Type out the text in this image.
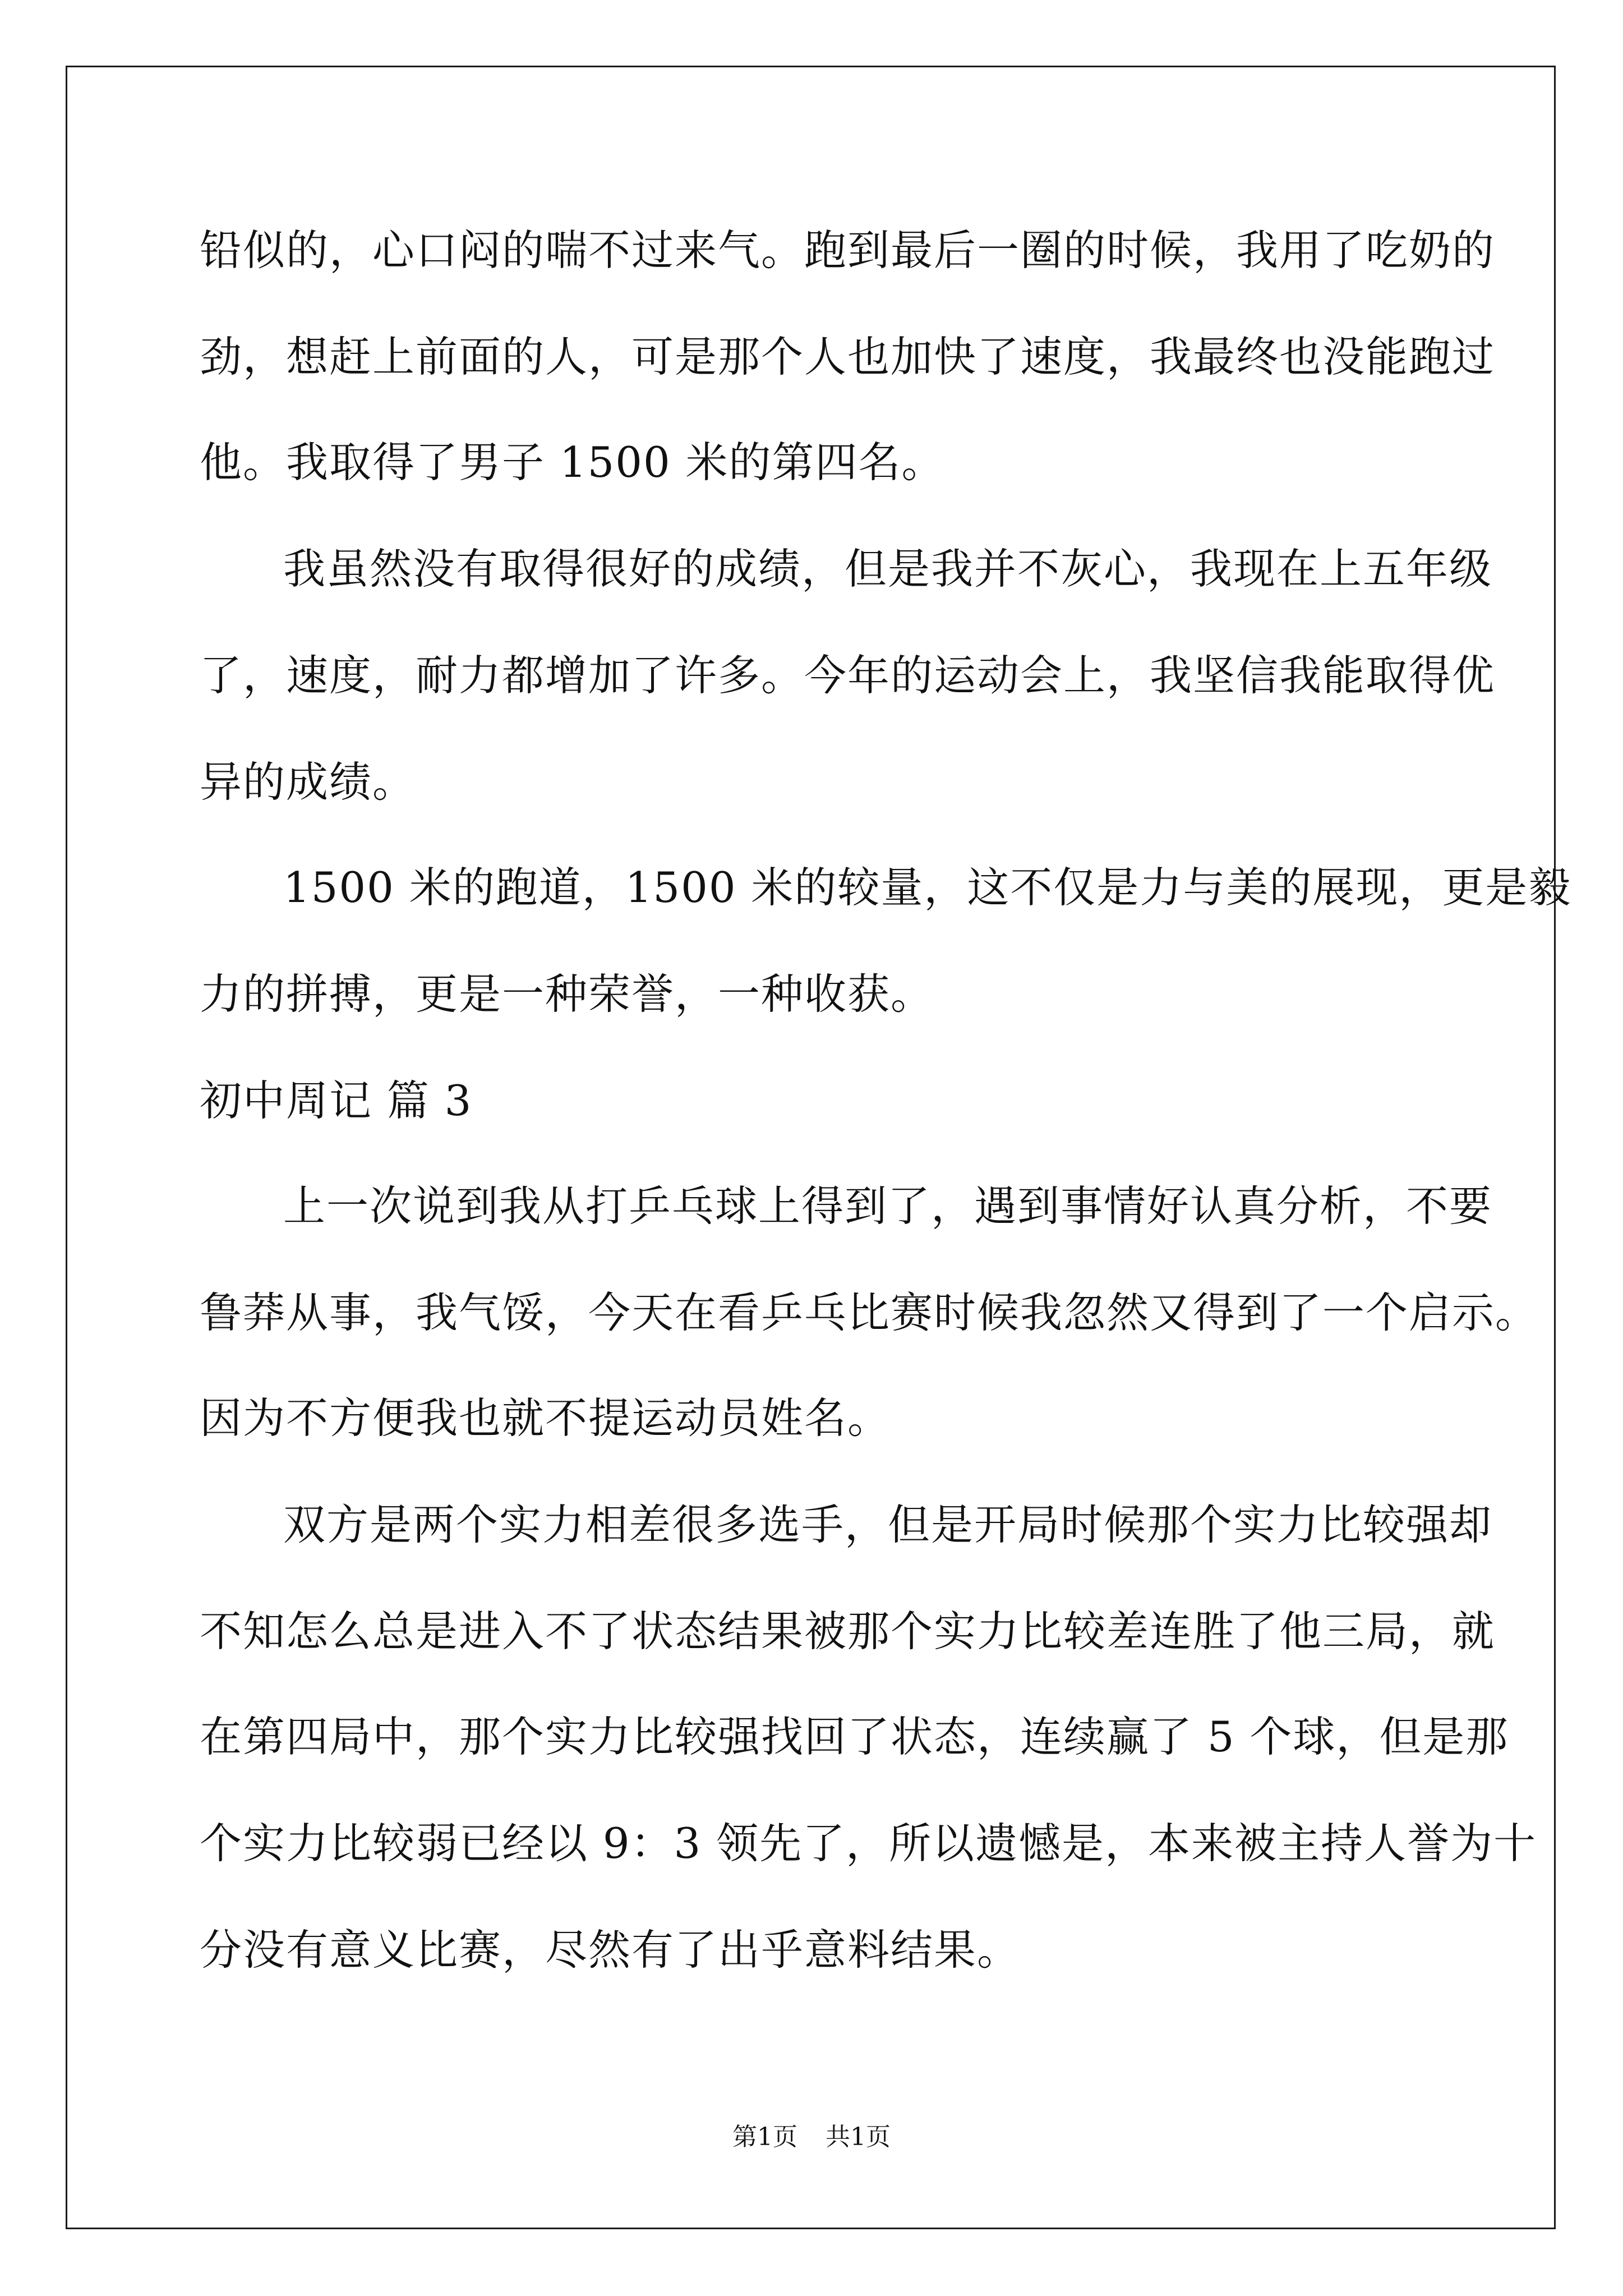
铅似的，心口闷的喘不过来气。跑到最后一圈的时候，我用了吃奶的
劲，想赶上前面的人，可是那个人也加快了速度，我最终也没能跑过
他。我取得了男子 1500 米的第四名。
我虽然没有取得很好的成绩，但是我并不灰心，我现在上五年级
了，速度，耐力都增加了许多。今年的运动会上，我坚信我能取得优
异的成绩。
1500 米的跑道，1500 米的较量，这不仅是力与美的展现，更是毅
力的拼搏，更是一种荣誉，一种收获。
初中周记 篇 3
上一次说到我从打乒乓球上得到了，遇到事情好认真分析，不要
鲁莽从事，我气馁，今天在看乒乓比赛时候我忽然又得到了一个启示。
因为不方便我也就不提运动员姓名。
双方是两个实力相差很多选手，但是开局时候那个实力比较强却
不知怎么总是进入不了状态结果被那个实力比较差连胜了他三局，就
在第四局中，那个实力比较强找回了状态，连续赢了 5 个球，但是那
个实力比较弱已经以 9：3 领先了，所以遗憾是，本来被主持人誉为十
分没有意义比赛，尽然有了出乎意料结果。
第1页 共1页
